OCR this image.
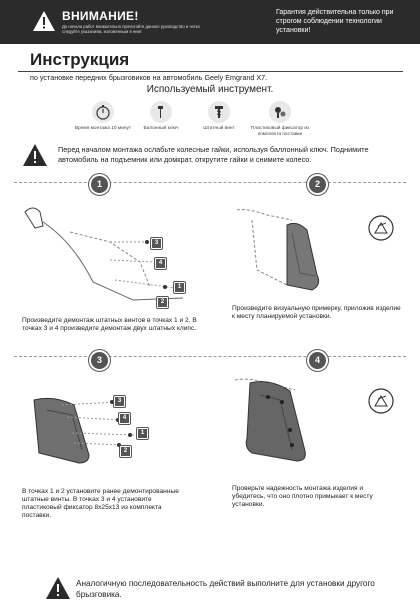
ВНИМАНИЕ!
До начала работ внимательно прочитайте данное руководство и четко следуйте указаниям, изложенным в нем!
Гарантия действительна только при строгом соблюдении технологии установки!
Инструкция
по установке передних брызговиков на автомобиль Geely Emgrand X7.
Используемый инструмент.
Время монтажа 10 минут	Балонный ключ	Штатный винт	Пластиковый фиксатор из комплекта поставки
Перед началом монтажа ослабьте колесные гайки, используя баллонный ключ. Поднимите автомобиль на подъемник или домкрат, открутите гайки и снимите колесо.
1
3
4
1
2
Произведите демонтаж штатных винтов в точках 1 и 2. В точках 3 и 4 произведите демонтаж двух штатных клипс.
2
Произведите визуальную примерку, приложив изделие к месту планируемой установки.
3
3
4
1
2
В точках 1 и 2 установите ранее демонтированные штатные винты. В точках 3 и 4 установите пластиковый фиксатор 8x25x13 из комплекта поставки.
4
Проверьте надежность монтажа изделия и убедитесь, что оно плотно примыкает к месту установки.
Аналогичную последовательность действий выполните для установки другого брызговика.
